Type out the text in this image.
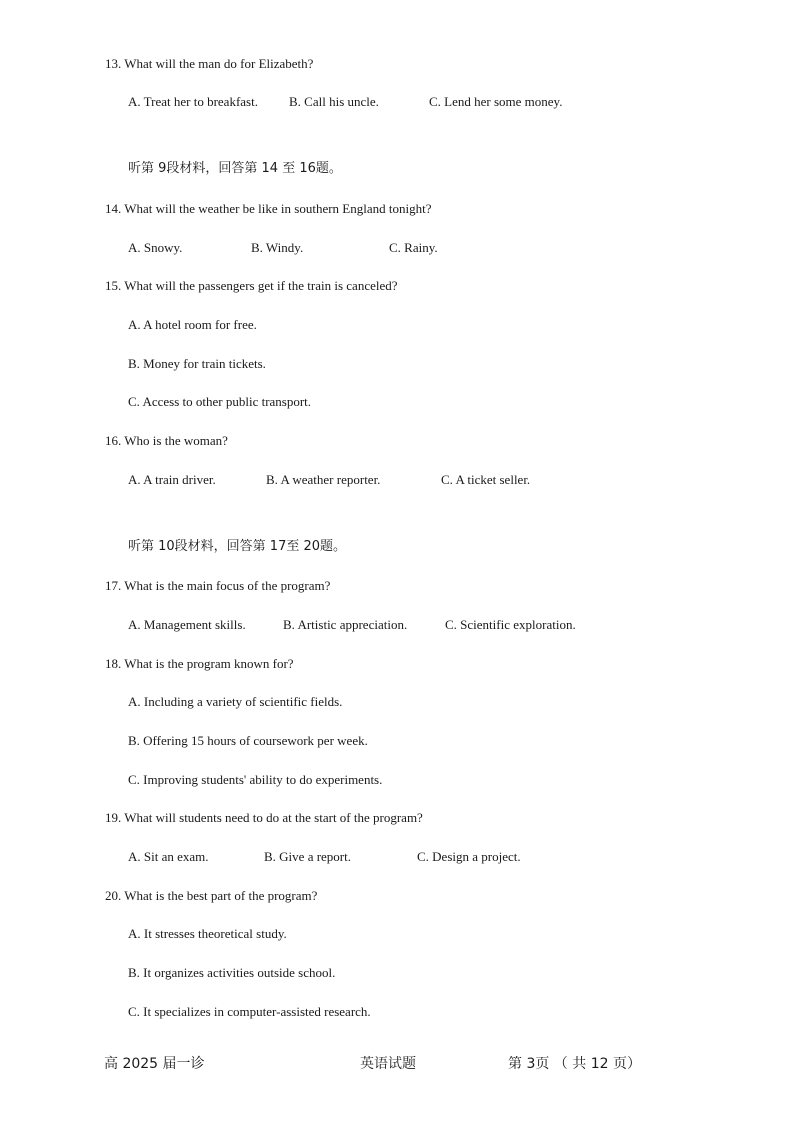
13. What will the man do for Elizabeth?
A. Treat her to breakfast. B. Call his uncle.	C. Lend her some money.
听第 9段材料，回答第 14 至 16题。
14. What will the weather be like in southern England tonight?
A. Snowy.	B. Windy.	C. Rainy.
15. What will the passengers get if the train is canceled?
A. A hotel room for free.
B. Money for train tickets.
C. Access to other public transport.
16. Who is the woman?
A. A train driver.	B. A weather reporter.	C. A ticket seller.
听第 10段材料，回答第 17至 20题。
17. What is the main focus of the program?
A. Management skills.	B. Artistic appreciation.	C. Scientific exploration.
18. What is the program known for?
A. Including a variety of scientific fields.
B. Offering 15 hours of coursework per week.
C. Improving students' ability to do experiments.
19. What will students need to do at the start of the program?
A. Sit an exam.	B. Give a report.	C. Design a project.
20. What is the best part of the program?
A. It stresses theoretical study.
B. It organizes activities outside school.
C. It specializes in computer-assisted research.
高 2025 届一诊	英语试题	第 3页 （ 共 12 页）
